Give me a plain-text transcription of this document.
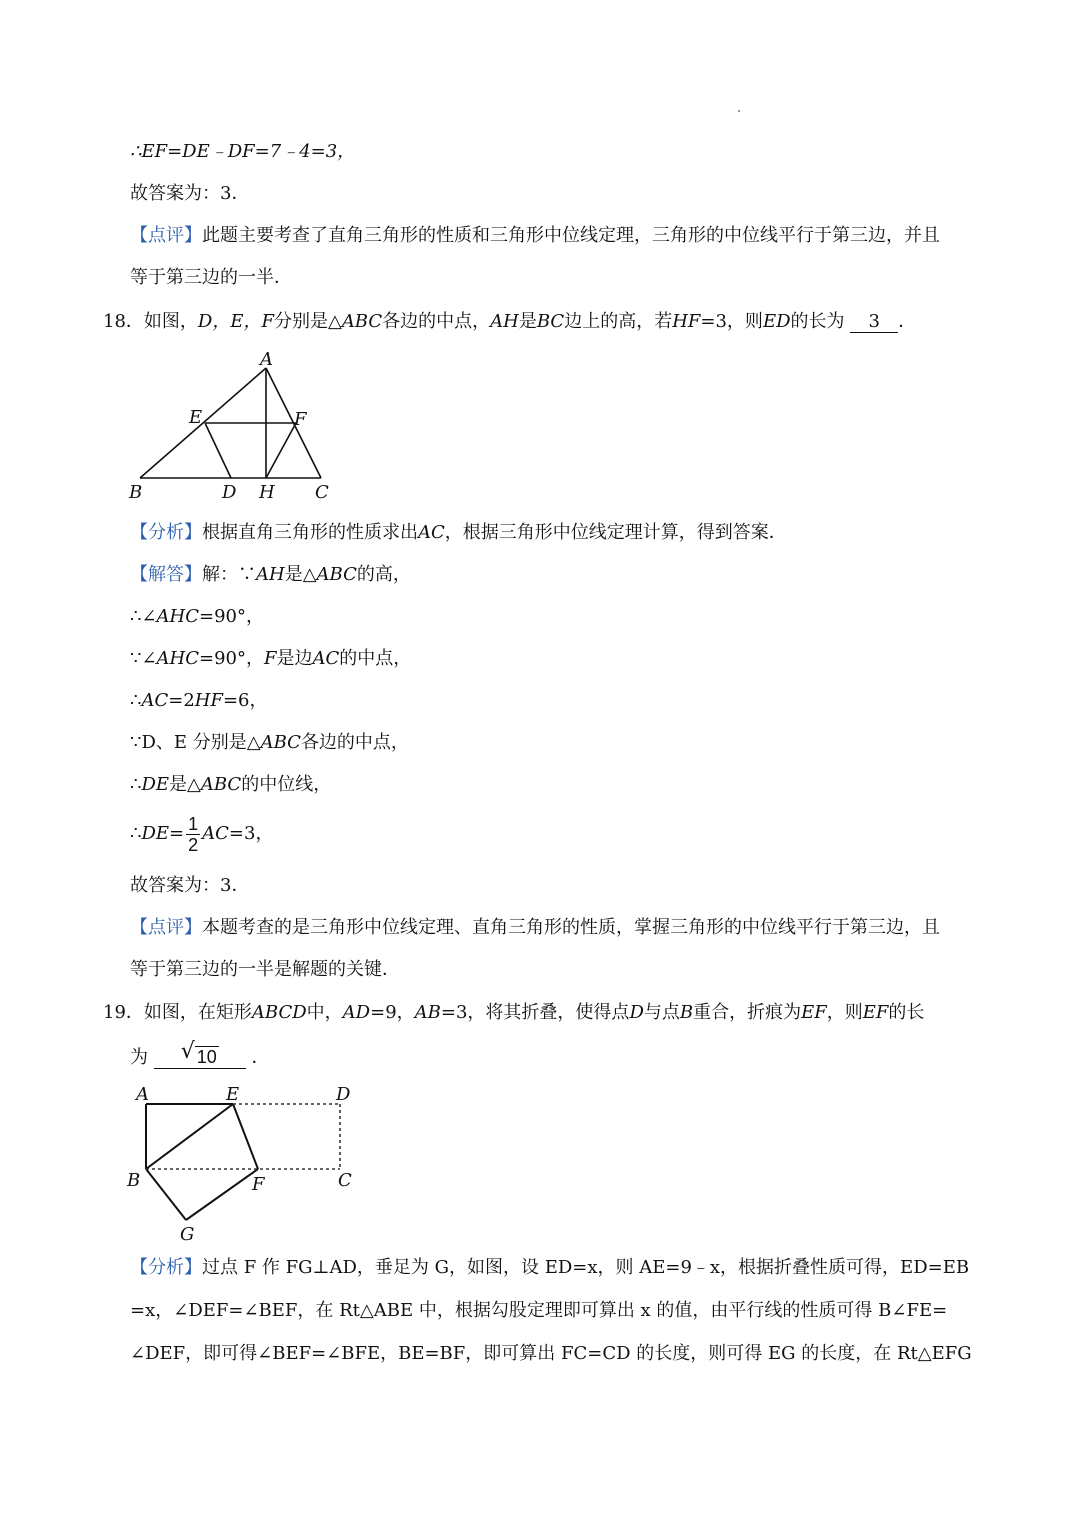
∴EF=DE﹣DF=7﹣4=3，
故答案为：3．
【点评】此题主要考查了直角三角形的性质和三角形中位线定理，三角形的中位线平行于第三边，并且
等于第三边的一半．
18．如图，D，E，F分别是△ABC各边的中点，AH是BC边上的高，若HF=3，则ED的长为 3 ．
A
B	C
D
E	F
H
【分析】根据直角三角形的性质求出AC，根据三角形中位线定理计算，得到答案．
【解答】解：∵AH是△ABC的高，
∴∠AHC=90°，
∵∠AHC=90°，F是边AC的中点，
∴AC=2HF=6，
∵D、E 分别是△ABC各边的中点，
∴DE是△ABC的中位线，
∴DE= $\frac{1}{2} AC=3$，
故答案为：3．
【点评】本题考查的是三角形中位线定理、直角三角形的性质，掌握三角形的中位线平行于第三边，且
等于第三边的一半是解题的关键．
19．如图，在矩形ABCD中，AD=9，AB=3，将其折叠，使得点D与点B重合，折痕为EF，则EF的长
为 √ 10 ．
A	E	D
B	F	C
G
【分析】过点 F 作 FG⊥AD，垂足为 G，如图，设 ED=x，则 AE=9﹣x，根据折叠性质可得，ED=EB
=x，∠DEF=∠BEF，在 Rt△ABE 中，根据勾股定理即可算出 x 的值，由平行线的性质可得 B∠FE=
∠DEF，即可得∠BEF=∠BFE，BE=BF，即可算出 FC=CD 的长度，则可得 EG 的长度，在 Rt△EFG
